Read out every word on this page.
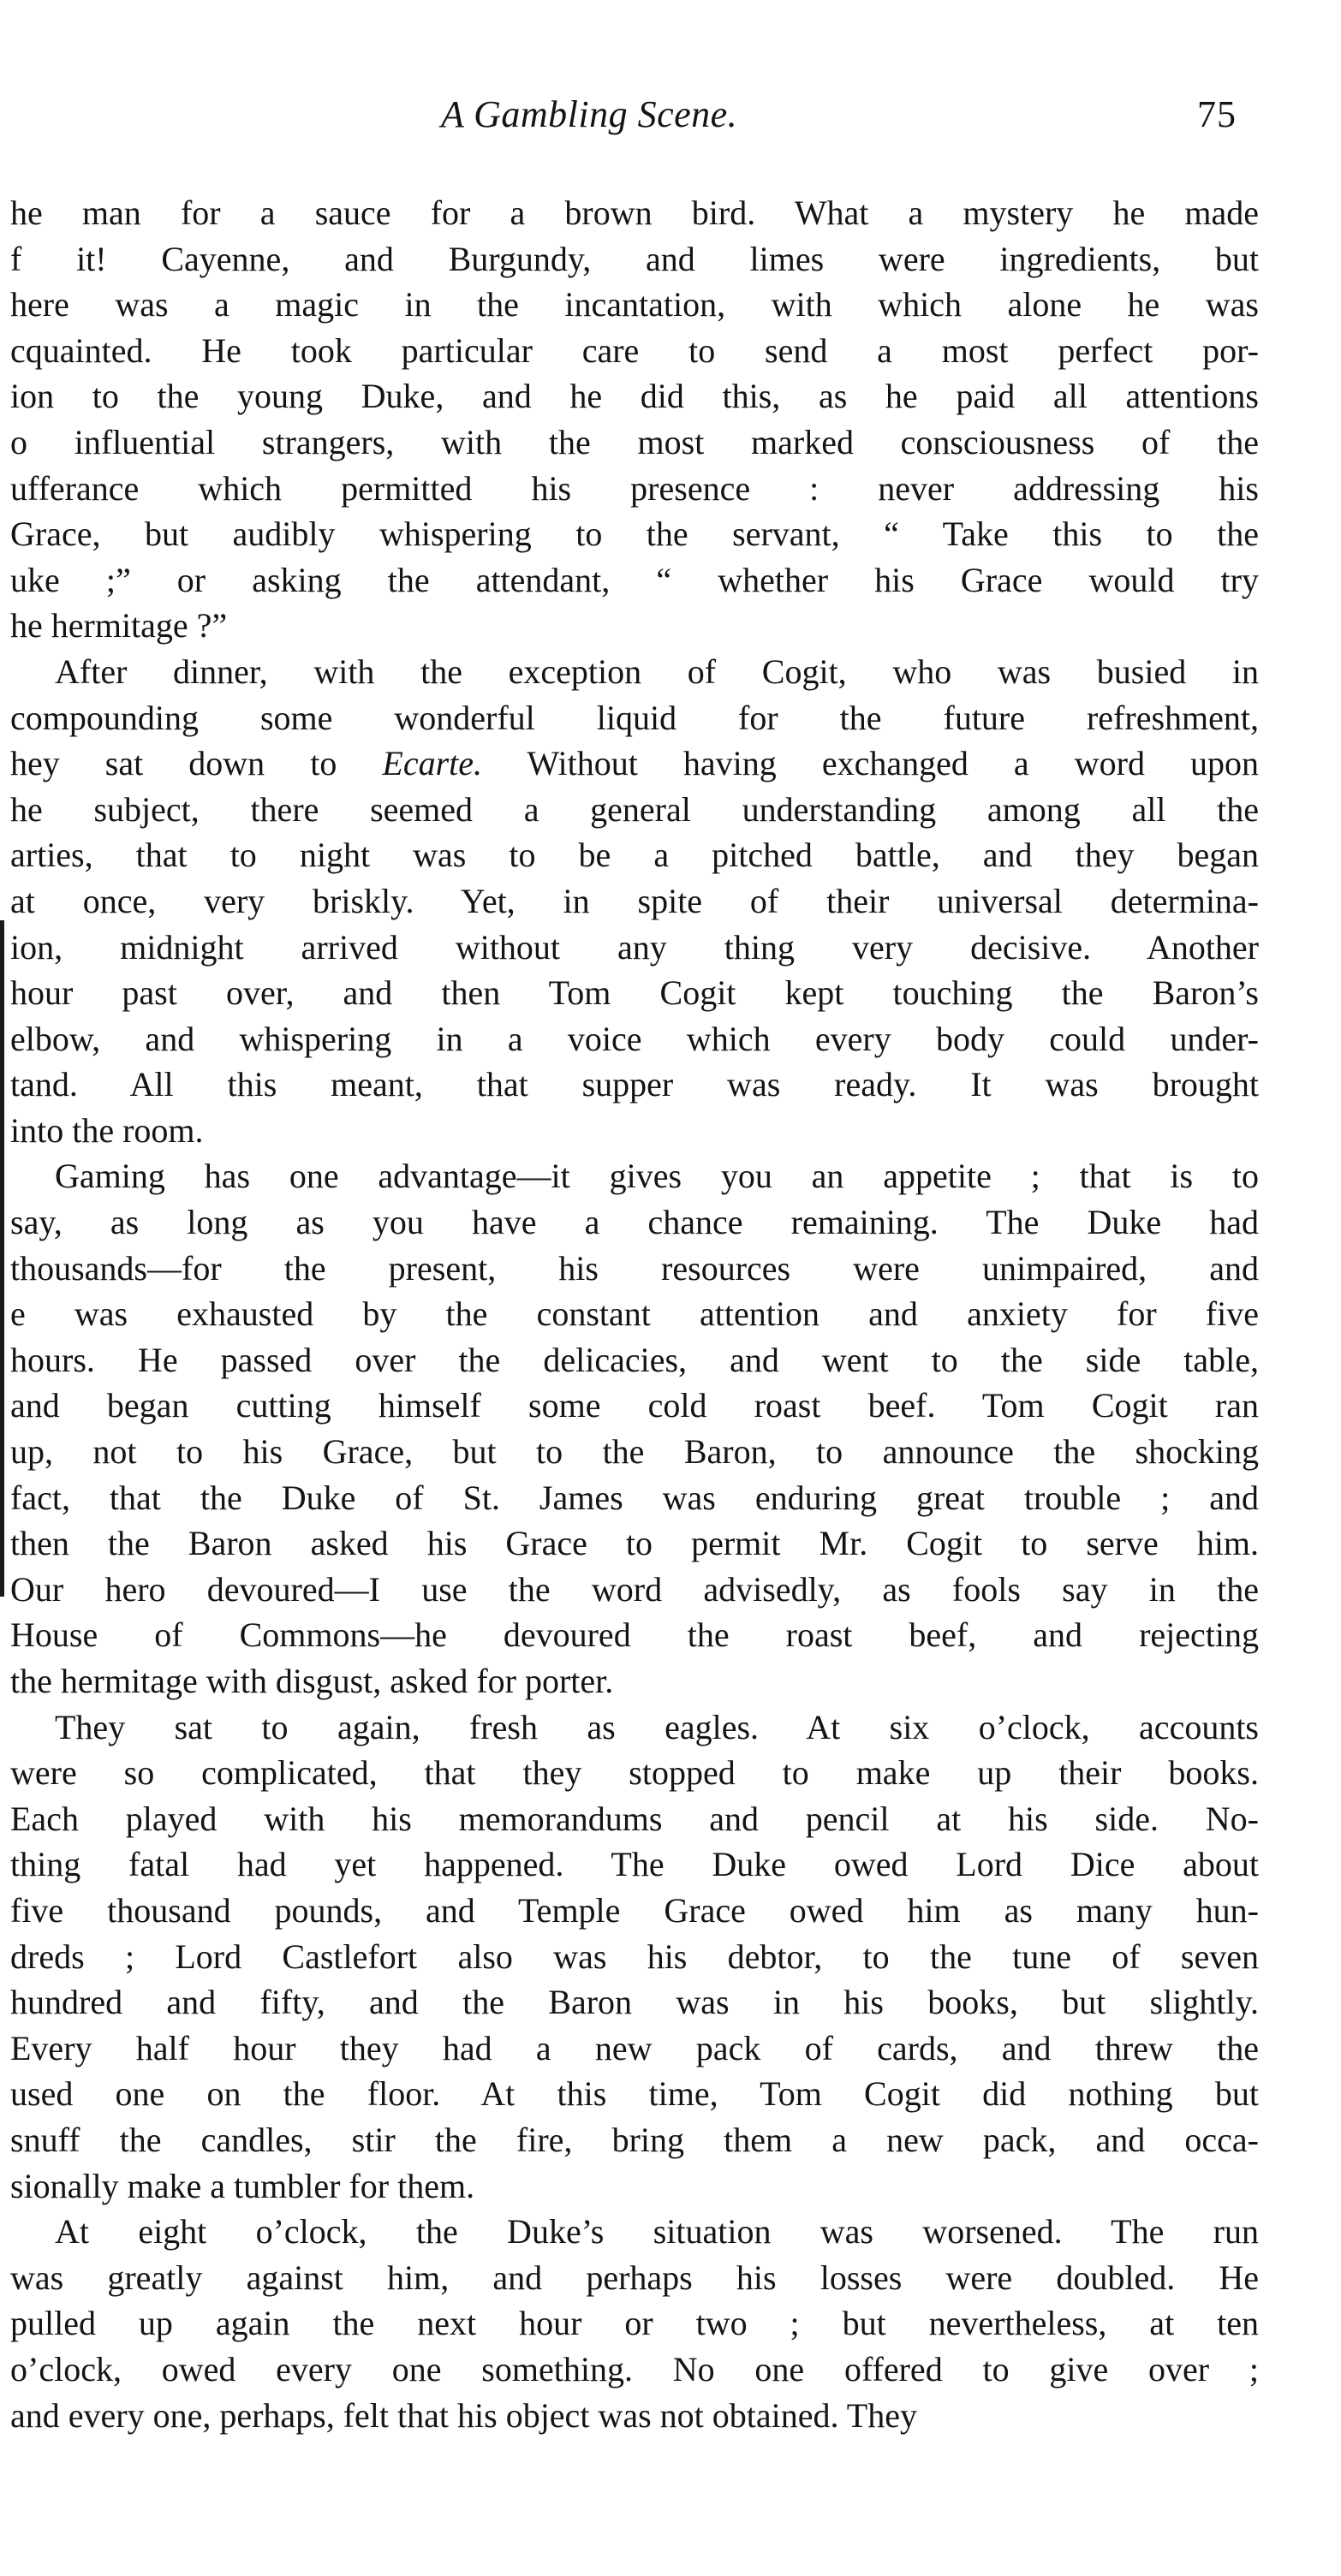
A Gambling Scene.	75
he man for a sauce for a brown bird. What a mystery he made
f it! Cayenne, and Burgundy, and limes were ingredients, but
here was a magic in the incantation, with which alone he was
cquainted. He took particular care to send a most perfect por-
ion to the young Duke, and he did this, as he paid all attentions
o influential strangers, with the most marked consciousness of the
ufferance which permitted his presence : never addressing his
Grace, but audibly whispering to the servant, “ Take this to the
uke ;” or asking the attendant, “ whether his Grace would try
he hermitage ?”
After dinner, with the exception of Cogit, who was busied in
compounding some wonderful liquid for the future refreshment,
hey sat down to Ecarte. Without having exchanged a word upon
he subject, there seemed a general understanding among all the
arties, that to night was to be a pitched battle, and they began
at once, very briskly. Yet, in spite of their universal determina-
ion, midnight arrived without any thing very decisive. Another
hour past over, and then Tom Cogit kept touching the Baron’s
elbow, and whispering in a voice which every body could under-
tand. All this meant, that supper was ready. It was brought
into the room.
Gaming has one advantage—it gives you an appetite ; that is to
say, as long as you have a chance remaining. The Duke had
thousands—for the present, his resources were unimpaired, and
e was exhausted by the constant attention and anxiety for five
hours. He passed over the delicacies, and went to the side table,
and began cutting himself some cold roast beef. Tom Cogit ran
up, not to his Grace, but to the Baron, to announce the shocking
fact, that the Duke of St. James was enduring great trouble ; and
then the Baron asked his Grace to permit Mr. Cogit to serve him.
Our hero devoured—I use the word advisedly, as fools say in the
House of Commons—he devoured the roast beef, and rejecting
the hermitage with disgust, asked for porter.
They sat to again, fresh as eagles. At six o’clock, accounts
were so complicated, that they stopped to make up their books.
Each played with his memorandums and pencil at his side. No-
thing fatal had yet happened. The Duke owed Lord Dice about
five thousand pounds, and Temple Grace owed him as many hun-
dreds ; Lord Castlefort also was his debtor, to the tune of seven
hundred and fifty, and the Baron was in his books, but slightly.
Every half hour they had a new pack of cards, and threw the
used one on the floor. At this time, Tom Cogit did nothing but
snuff the candles, stir the fire, bring them a new pack, and occa-
sionally make a tumbler for them.
At eight o’clock, the Duke’s situation was worsened. The run
was greatly against him, and perhaps his losses were doubled. He
pulled up again the next hour or two ; but nevertheless, at ten
o’clock, owed every one something. No one offered to give over ;
and every one, perhaps, felt that his object was not obtained. They
